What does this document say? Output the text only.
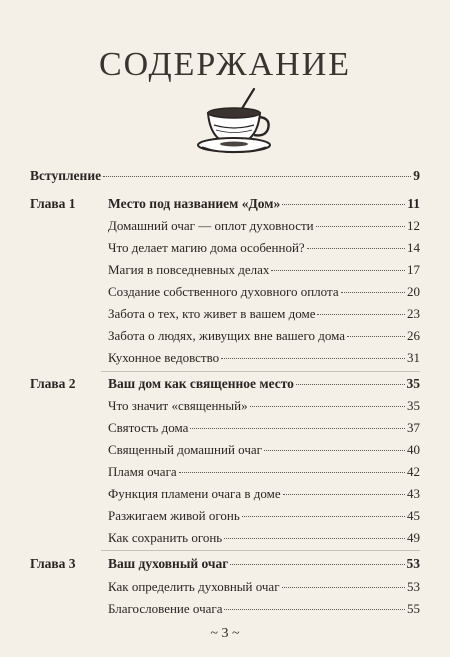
СОДЕРЖАНИЕ
Вступление	9
Глава 1 Место под названием «Дом»	11
Домашний очаг — оплот духовности	12
Что делает магию дома особенной?	14
Магия в повседневных делах	17
Создание собственного духовного оплота	20
Забота о тех, кто живет в вашем доме	23
Забота о людях, живущих вне вашего дома	26
Кухонное ведовство	31
Глава 2 Ваш дом как священное место	35
Что значит «священный»	35
Святость дома	37
Священный домашний очаг	40
Пламя очага	42
Функция пламени очага в доме	43
Разжигаем живой огонь	45
Как сохранить огонь	49
Глава 3 Ваш духовный очаг	53
Как определить духовный очаг	53
Благословение очага	55
~ 3 ~
